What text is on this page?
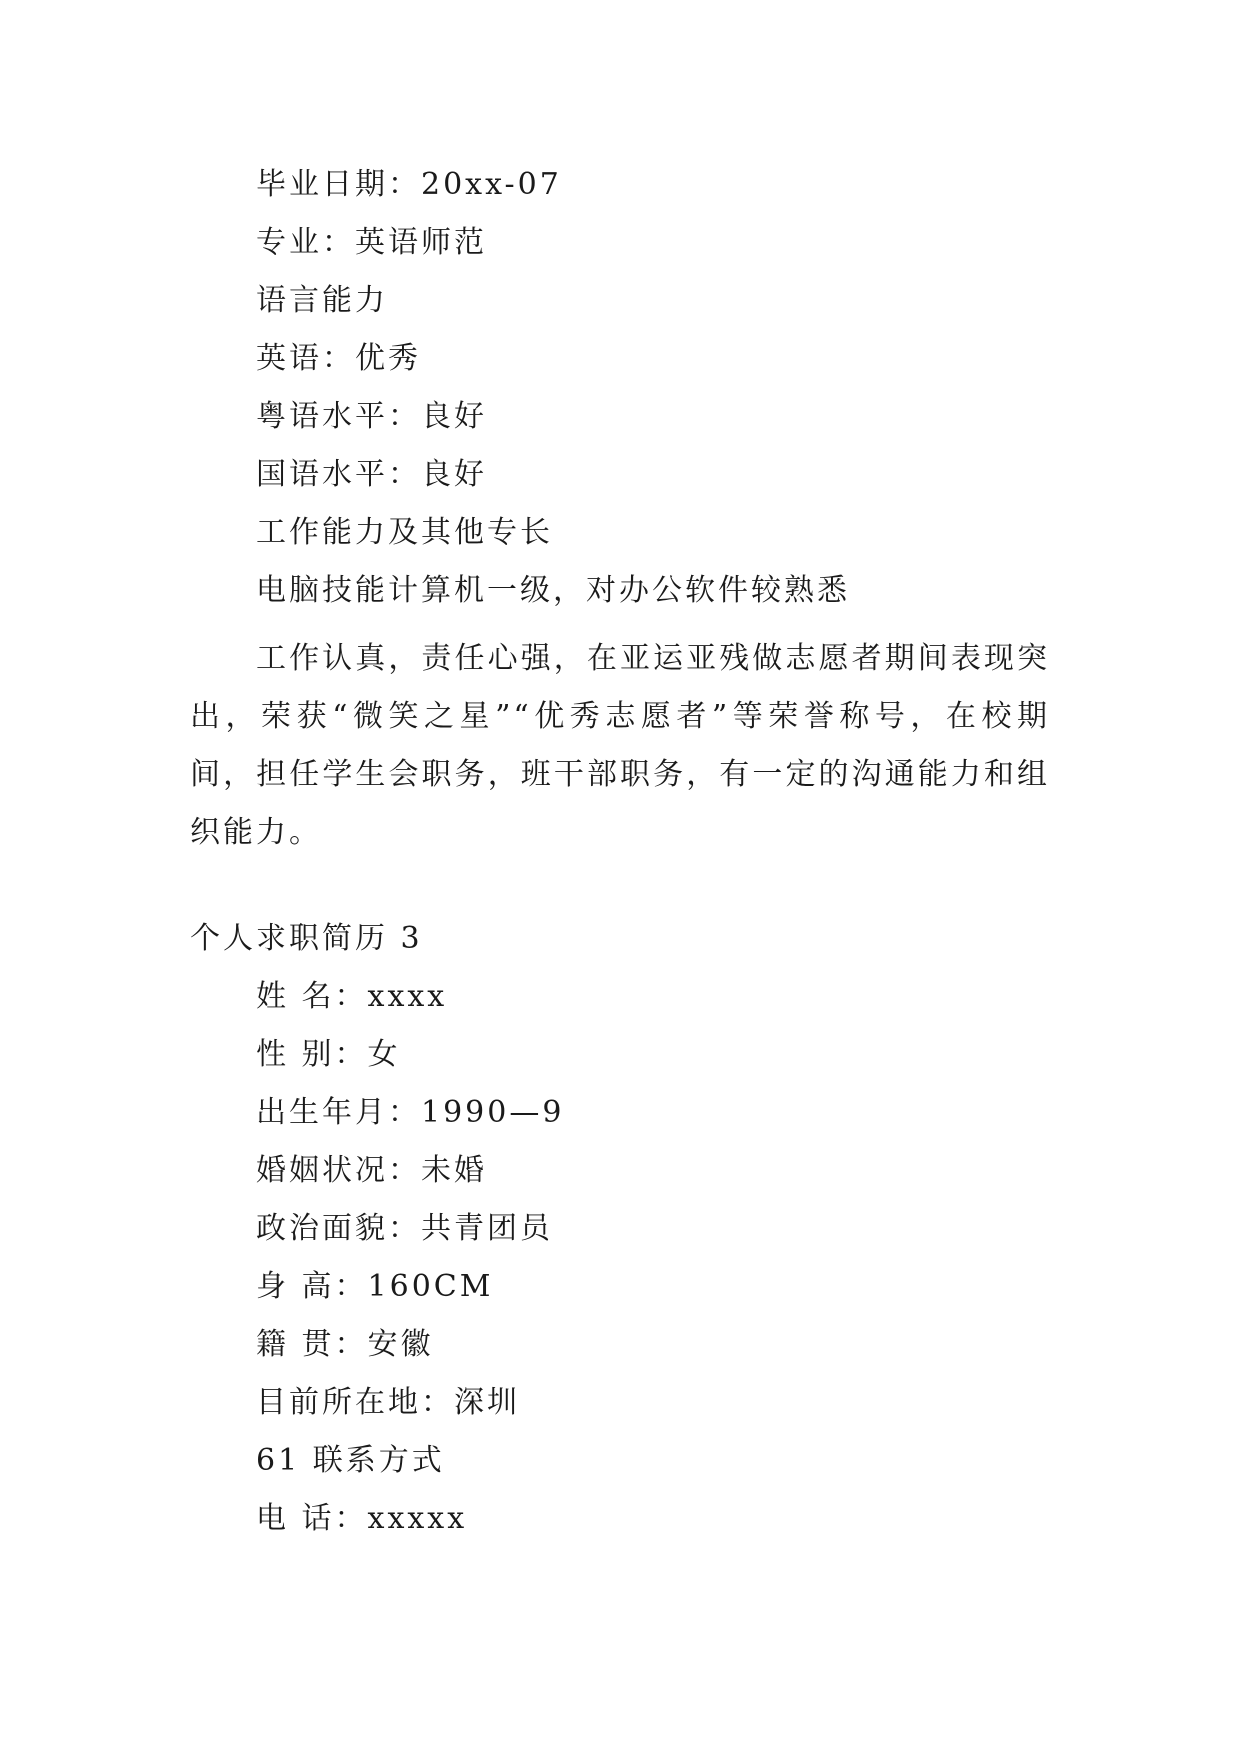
毕业日期：20xx-07
专业：英语师范
语言能力
英语：优秀
粤语水平：良好
国语水平：良好
工作能力及其他专长
电脑技能计算机一级，对办公软件较熟悉
工作认真，责任心强，在亚运亚残做志愿者期间表现突出，荣获“微笑之星”“优秀志愿者”等荣誉称号，在校期间，担任学生会职务，班干部职务，有一定的沟通能力和组织能力。
个人求职简历 3
姓 名：xxxx
性 别：女
出生年月：1990—9
婚姻状况：未婚
政治面貌：共青团员
身 高：160CM
籍 贯：安徽
目前所在地：深圳
61 联系方式
电 话：xxxxx
